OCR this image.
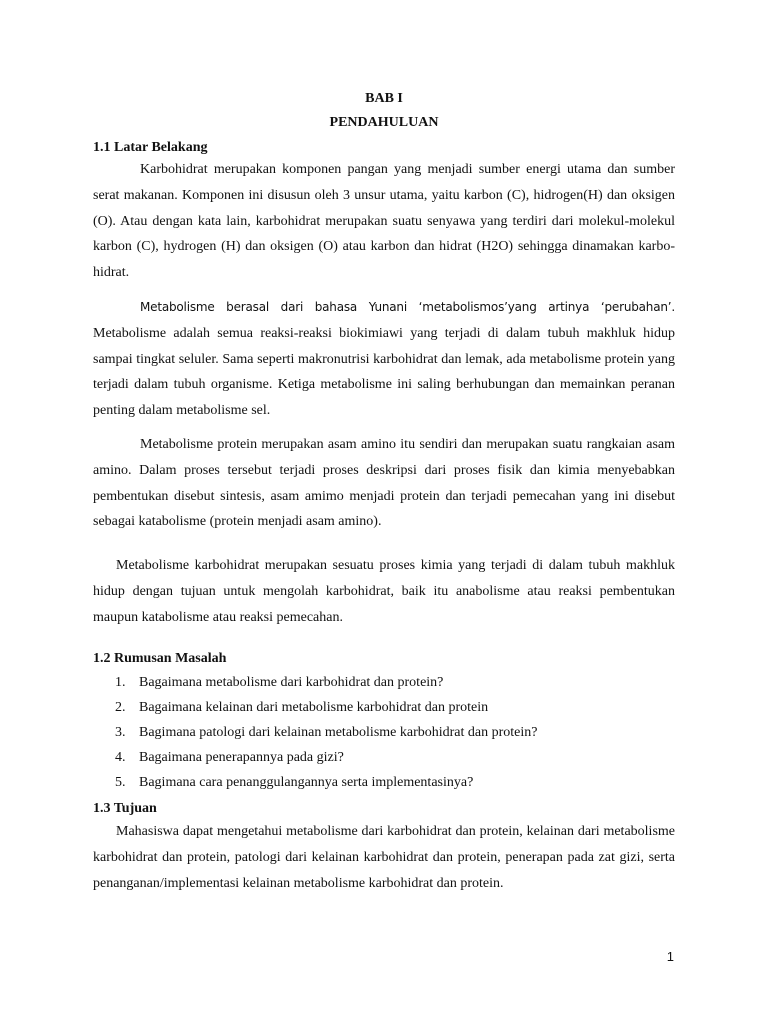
BAB I
PENDAHULUAN
1.1 Latar Belakang
Karbohidrat merupakan komponen pangan yang menjadi sumber energi utama dan sumber serat makanan. Komponen ini disusun oleh 3 unsur utama, yaitu karbon (C), hidrogen(H) dan oksigen (O). Atau dengan kata lain, karbohidrat merupakan suatu senyawa yang terdiri dari molekul-molekul karbon (C), hydrogen (H) dan oksigen (O) atau karbon dan hidrat (H2O) sehingga dinamakan karbo-hidrat.
Metabolisme berasal dari bahasa Yunani ‘metabolismos’yang artinya ‘perubahan’. Metabolisme adalah semua reaksi-reaksi biokimiawi yang terjadi di dalam tubuh makhluk hidup sampai tingkat seluler. Sama seperti makronutrisi karbohidrat dan lemak, ada metabolisme protein yang terjadi dalam tubuh organisme. Ketiga metabolisme ini saling berhubungan dan memainkan peranan penting dalam metabolisme sel.
Metabolisme protein merupakan asam amino itu sendiri dan merupakan suatu rangkaian asam amino. Dalam proses tersebut terjadi proses deskripsi dari proses fisik dan kimia menyebabkan pembentukan disebut sintesis, asam amimo menjadi protein dan terjadi pemecahan yang ini disebut sebagai katabolisme (protein menjadi asam amino).
Metabolisme karbohidrat merupakan sesuatu proses kimia yang terjadi di dalam tubuh makhluk hidup dengan tujuan untuk mengolah karbohidrat, baik itu anabolisme atau reaksi pembentukan maupun katabolisme atau reaksi pemecahan.
1.2 Rumusan Masalah
1. Bagaimana metabolisme dari karbohidrat dan protein?
2. Bagaimana kelainan dari metabolisme karbohidrat dan protein
3. Bagimana patologi dari kelainan metabolisme karbohidrat dan protein?
4. Bagaimana penerapannya pada gizi?
5. Bagimana cara penanggulangannya serta implementasinya?
1.3 Tujuan
Mahasiswa dapat mengetahui metabolisme dari karbohidrat dan protein, kelainan dari metabolisme karbohidrat dan protein, patologi dari kelainan karbohidrat dan protein, penerapan pada zat gizi, serta penanganan/implementasi kelainan metabolisme karbohidrat dan protein.
1
